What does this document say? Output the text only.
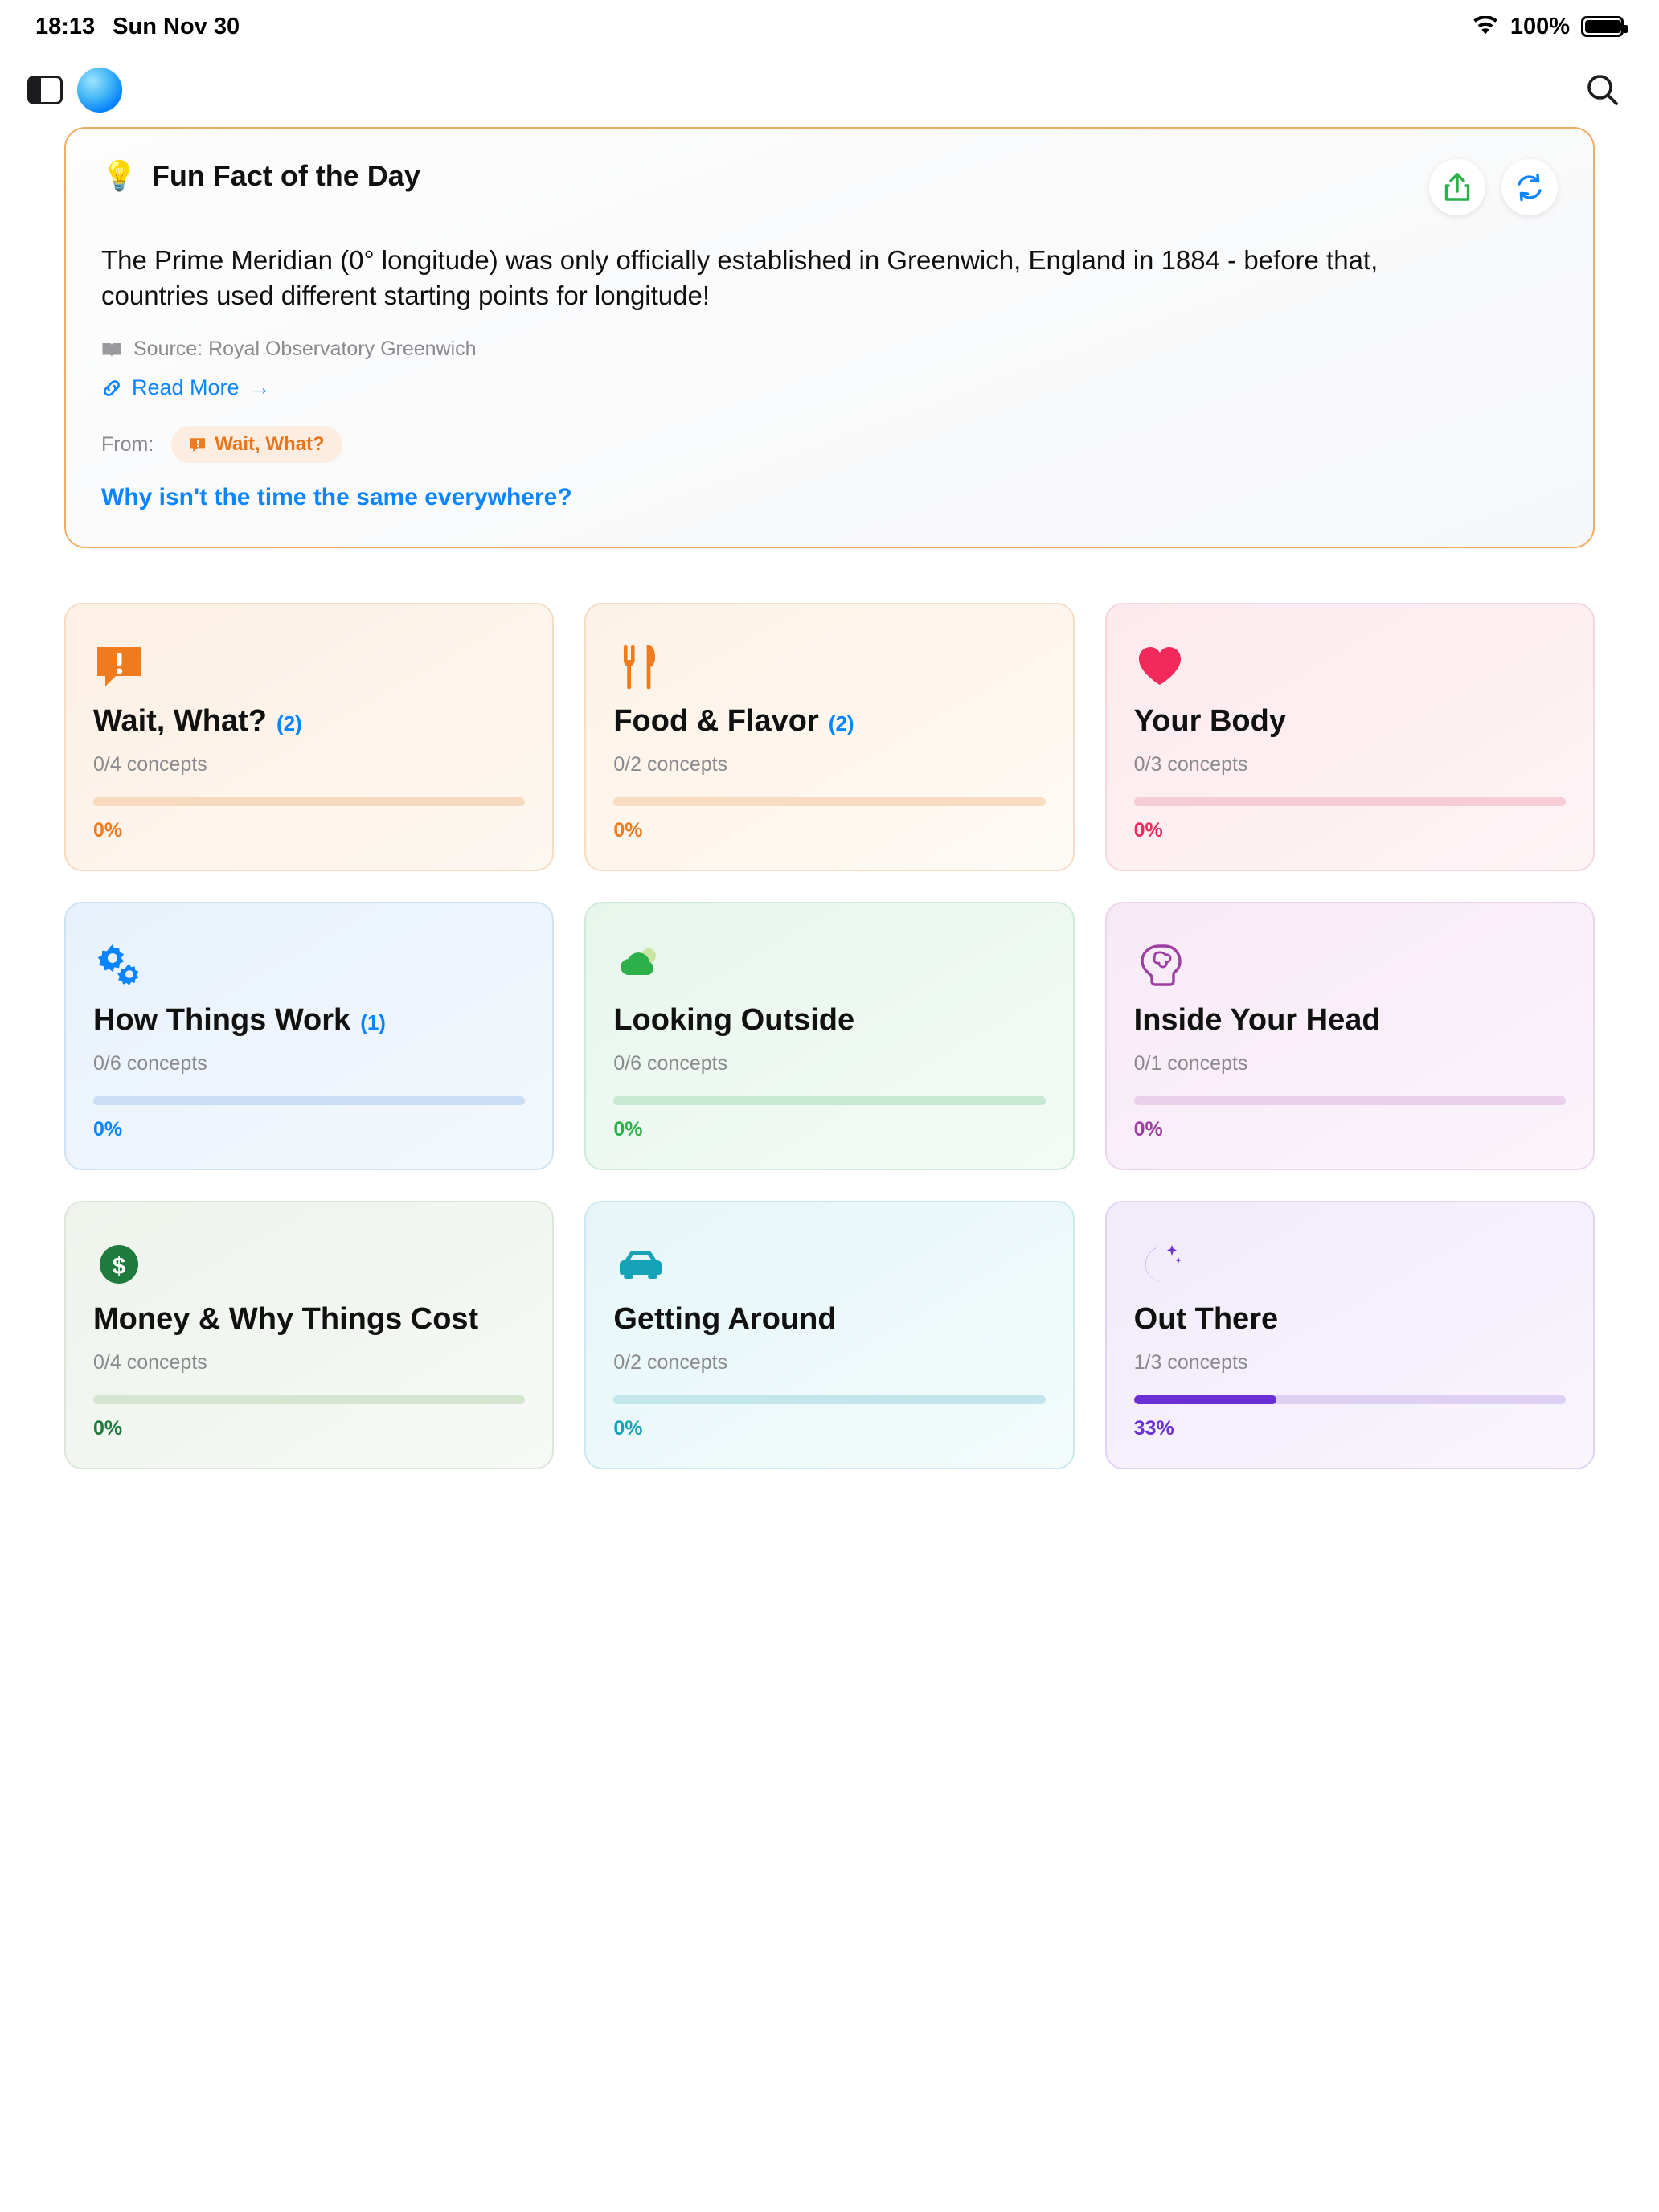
18:13 Sun Nov 30	100%
💡 Fun Fact of the Day

The Prime Meridian (0° longitude) was only officially established in Greenwich, England in 1884 - before that, countries used different starting points for longitude!

Source: Royal Observatory Greenwich
Read More →
From:	Wait, What?
Why isn't the time the same everywhere?
Wait, What? (2)
0/4 concepts
0%
Food & Flavor (2)
0/2 concepts
0%
Your Body
0/3 concepts
0%
How Things Work (1)
0/6 concepts
0%
Looking Outside
0/6 concepts
0%
Inside Your Head
0/1 concepts
0%
$
Money & Why Things Cost
0/4 concepts
0%
Getting Around
0/2 concepts
0%
Out There
1/3 concepts
33%
